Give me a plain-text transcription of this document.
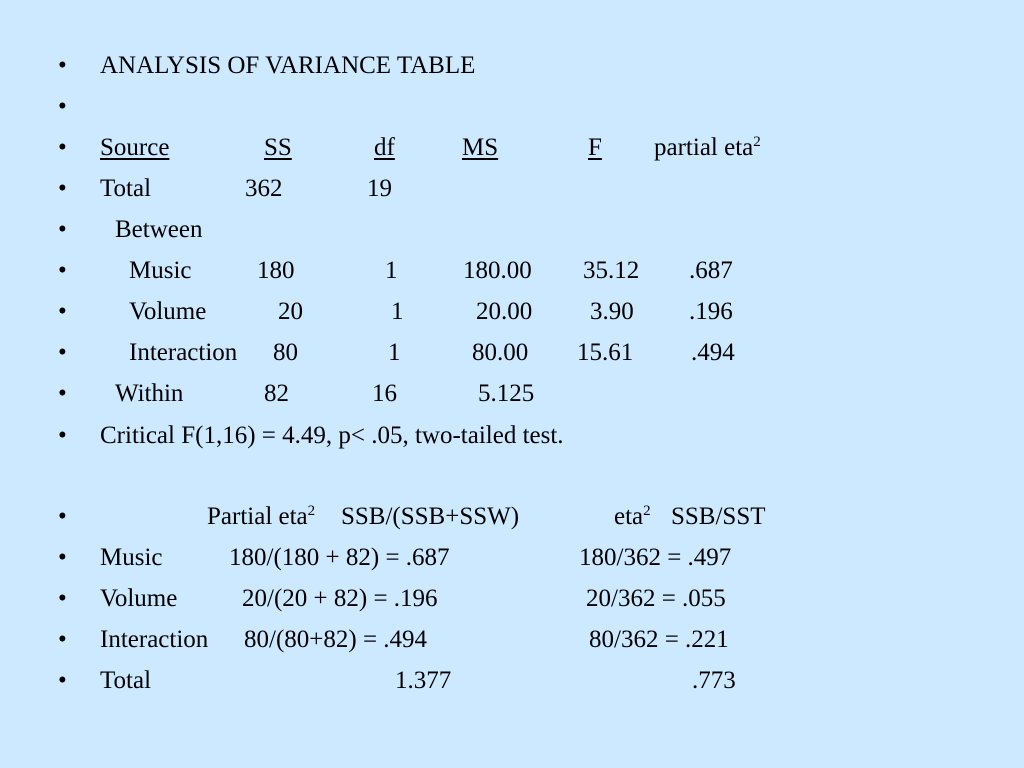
• ANALYSIS OF VARIANCE TABLE
•
• Source	SS	df	MS	F partial eta$^2$
• Total	362	19
• Between
• Music	180	1	180.00 35.12 .687
• Volume	20	1	20.00 3.90 .196
• Interaction 80	1	80.00 15.61 .494
• Within	82	16	5.125
• Critical F(1,16) = 4.49, p< .05, two-tailed test.
•	Partial eta$^2$ SSB/(SSB+SSW)	eta$^2$ SSB/SST
• Music	180/(180 + 82) = .687	180/362 = .497
• Volume	20/(20 + 82) = .196	20/362 = .055
• Interaction 80/(80+82) = .494	80/362 = .221
• Total	1.377	.773
